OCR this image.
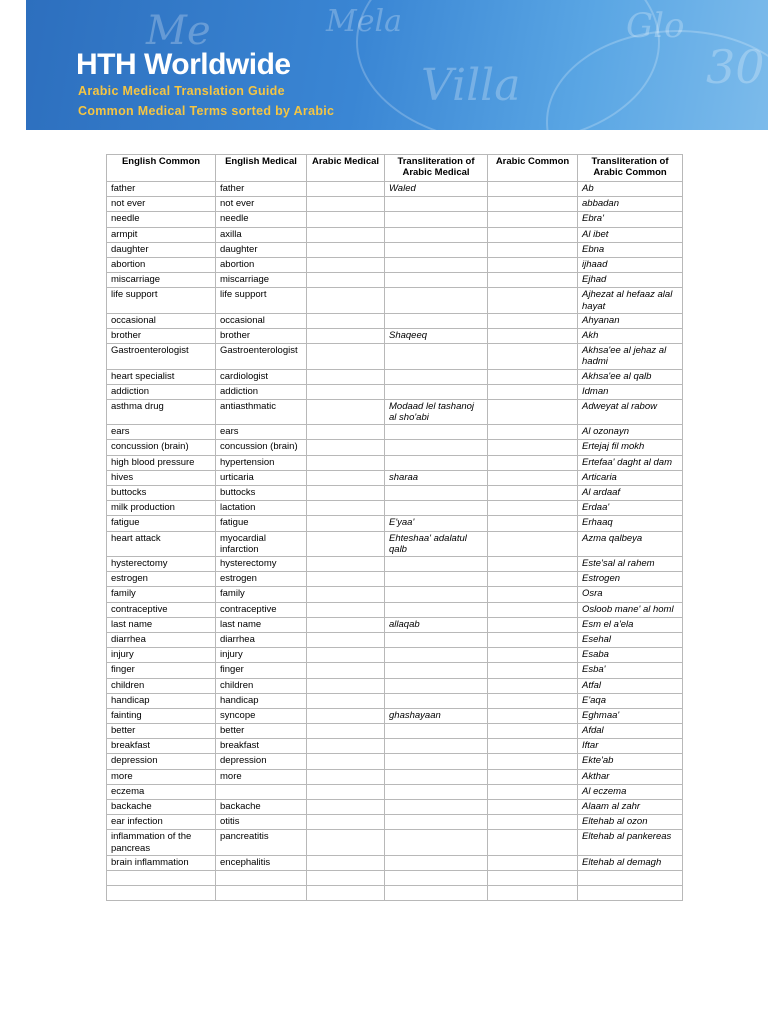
Mela
Me
Villa
Glo
30
HTH Worldwide
Arabic Medical Translation Guide
Common Medical Terms sorted by Arabic
English Common	English Medical	Arabic Medical	Transliteration of Arabic Medical	Arabic Common	Transliteration of Arabic Common
father	father		Waled		Ab
not ever	not ever				abbadan
needle	needle				Ebra'
armpit	axilla				Al ibet
daughter	daughter				Ebna
abortion	abortion				ijhaad
miscarriage	miscarriage				Ejhad
life support	life support				Ajhezat al hefaaz alal hayat
occasional	occasional				Ahyanan
brother	brother		Shaqeeq		Akh
Gastroenterologist	Gastroenterologist				Akhsa'ee al jehaz al hadmi
heart specialist	cardiologist				Akhsa'ee al qalb
addiction	addiction				Idman
asthma drug	antiasthmatic		Modaad lel tashanoj al sho'abi		Adweyat al rabow
ears	ears				Al ozonayn
concussion (brain)	concussion (brain)				Ertejaj fil mokh
high blood pressure	hypertension				Ertefaa' daght al dam
hives	urticaria		sharaa		Articaria
buttocks	buttocks				Al ardaaf
milk production	lactation				Erdaa'
fatigue	fatigue		E'yaa'		Erhaaq
heart attack	myocardial infarction		Ehteshaa' adalatul qalb		Azma qalbeya
hysterectomy	hysterectomy				Este'sal al rahem
estrogen	estrogen				Estrogen
family	family				Osra
contraceptive	contraceptive				Osloob mane' al homl
last name	last name		allaqab		Esm el a'ela
diarrhea	diarrhea				Esehal
injury	injury				Esaba
finger	finger				Esba'
children	children				Atfal
handicap	handicap				E'aqa
fainting	syncope		ghashayaan		Eghmaa'
better	better				Afdal
breakfast	breakfast				Iftar
depression	depression				Ekte'ab
more	more				Akthar
eczema					Al eczema
backache	backache				Alaam al zahr
ear infection	otitis				Eltehab al ozon
inflammation of the pancreas	pancreatitis				Eltehab al pankereas
brain inflammation	encephalitis				Eltehab al demagh
